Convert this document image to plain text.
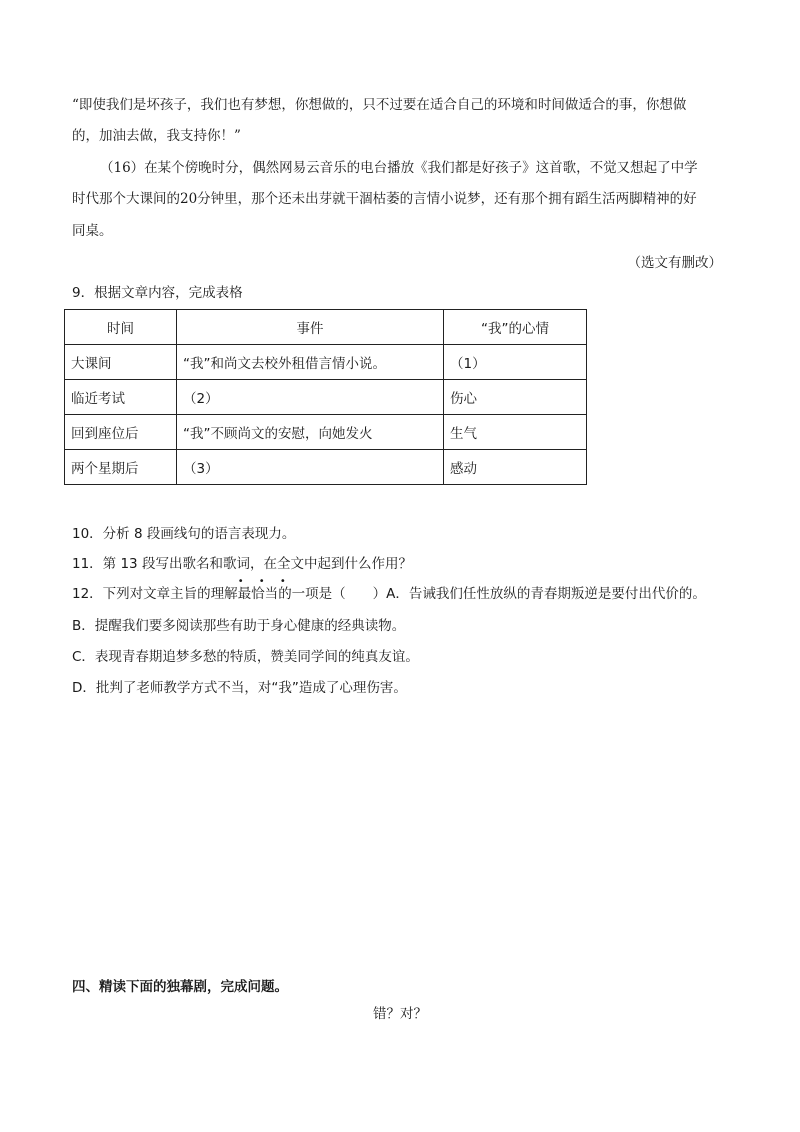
“即使我们是坏孩子，我们也有梦想，你想做的，只不过要在适合自己的环境和时间做适合的事，你想做
的，加油去做，我支持你！”
（16）在某个傍晚时分，偶然网易云音乐的电台播放《我们都是好孩子》这首歌，不觉又想起了中学
时代那个大课间的20分钟里，那个还未出芽就干涸枯萎的言情小说梦，还有那个拥有蹈生活两脚精神的好
同桌。
（选文有删改）
9．根据文章内容，完成表格
时间	事件	“我”的心情
大课间	“我”和尚文去校外租借言情小说。	（1）
临近考试	（2）	伤心
回到座位后	“我”不顾尚文的安慰，向她发火	生气
两个星期后	（3）	感动
10．分析 8 段画线句的语言表现力。
11．第 13 段写出歌名和歌词，在全文中起到什么作用？
12．下列对文章主旨的理解
• • •
最恰当的一项是（　　）A．告诫我们任性放纵的青春期叛逆是要付出代价的。
B．提醒我们要多阅读那些有助于身心健康的经典读物。
C．表现青春期追梦多愁的特质，赞美同学间的纯真友谊。
D．批判了老师教学方式不当，对“我”造成了心理伤害。
四、精读下面的独幕剧，完成问题。
错？对？
